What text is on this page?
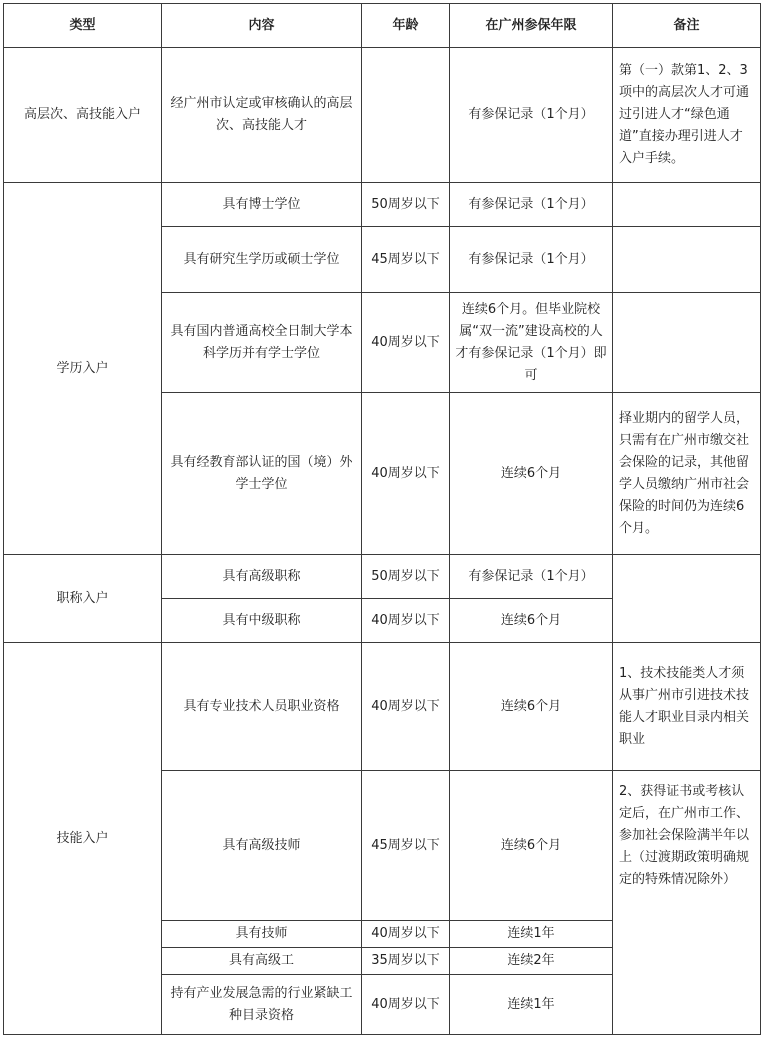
类型	内容	年龄	在广州参保年限	备注
高层次、高技能入户	经广州市认定或审核确认的高层次、高技能人才		有参保记录（1个月）	第（一）款第1、2、3项中的高层次人才可通过引进人才“绿色通道”直接办理引进人才入户手续。
学历入户	具有博士学位	50周岁以下	有参保记录（1个月）	
	具有研究生学历或硕士学位	45周岁以下	有参保记录（1个月）	
	具有国内普通高校全日制大学本科学历并有学士学位	40周岁以下	连续6个月。但毕业院校属“双一流”建设高校的人才有参保记录（1个月）即可	
	具有经教育部认证的国（境）外学士学位	40周岁以下	连续6个月	择业期内的留学人员，只需有在广州市缴交社会保险的记录，其他留学人员缴纳广州市社会保险的时间仍为连续6个月。
职称入户	具有高级职称	50周岁以下	有参保记录（1个月）	
	具有中级职称	40周岁以下	连续6个月	
技能入户	具有专业技术人员职业资格	40周岁以下	连续6个月	1、技术技能类人才须从事广州市引进技术技能人才职业目录内相关职业
	具有高级技师	45周岁以下	连续6个月	2、获得证书或考核认定后，在广州市工作、参加社会保险满半年以上（过渡期政策明确规定的特殊情况除外）
	具有技师	40周岁以下	连续1年	
	具有高级工	35周岁以下	连续2年	
	持有产业发展急需的行业紧缺工种目录资格	40周岁以下	连续1年	
